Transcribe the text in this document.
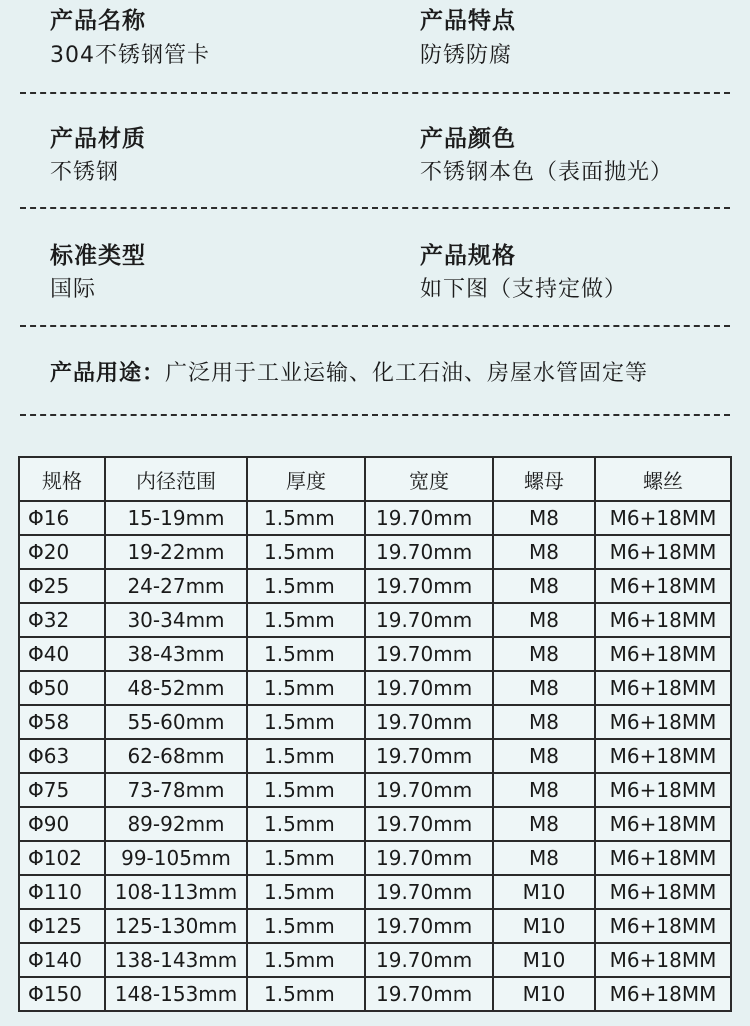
产品名称
304不锈钢管卡
产品特点
防锈防腐
产品材质
不锈钢
产品颜色
不锈钢本色（表面抛光）
标准类型
国际
产品规格
如下图（支持定做）
产品用途：广泛用于工业运输、化工石油、房屋水管固定等
规格	内径范围	厚度	宽度	螺母	螺丝
Φ16	15-19mm	1.5mm	19.70mm	M8	M6+18MM
Φ20	19-22mm	1.5mm	19.70mm	M8	M6+18MM
Φ25	24-27mm	1.5mm	19.70mm	M8	M6+18MM
Φ32	30-34mm	1.5mm	19.70mm	M8	M6+18MM
Φ40	38-43mm	1.5mm	19.70mm	M8	M6+18MM
Φ50	48-52mm	1.5mm	19.70mm	M8	M6+18MM
Φ58	55-60mm	1.5mm	19.70mm	M8	M6+18MM
Φ63	62-68mm	1.5mm	19.70mm	M8	M6+18MM
Φ75	73-78mm	1.5mm	19.70mm	M8	M6+18MM
Φ90	89-92mm	1.5mm	19.70mm	M8	M6+18MM
Φ102	99-105mm	1.5mm	19.70mm	M8	M6+18MM
Φ110	108-113mm	1.5mm	19.70mm	M10	M6+18MM
Φ125	125-130mm	1.5mm	19.70mm	M10	M6+18MM
Φ140	138-143mm	1.5mm	19.70mm	M10	M6+18MM
Φ150	148-153mm	1.5mm	19.70mm	M10	M6+18MM
